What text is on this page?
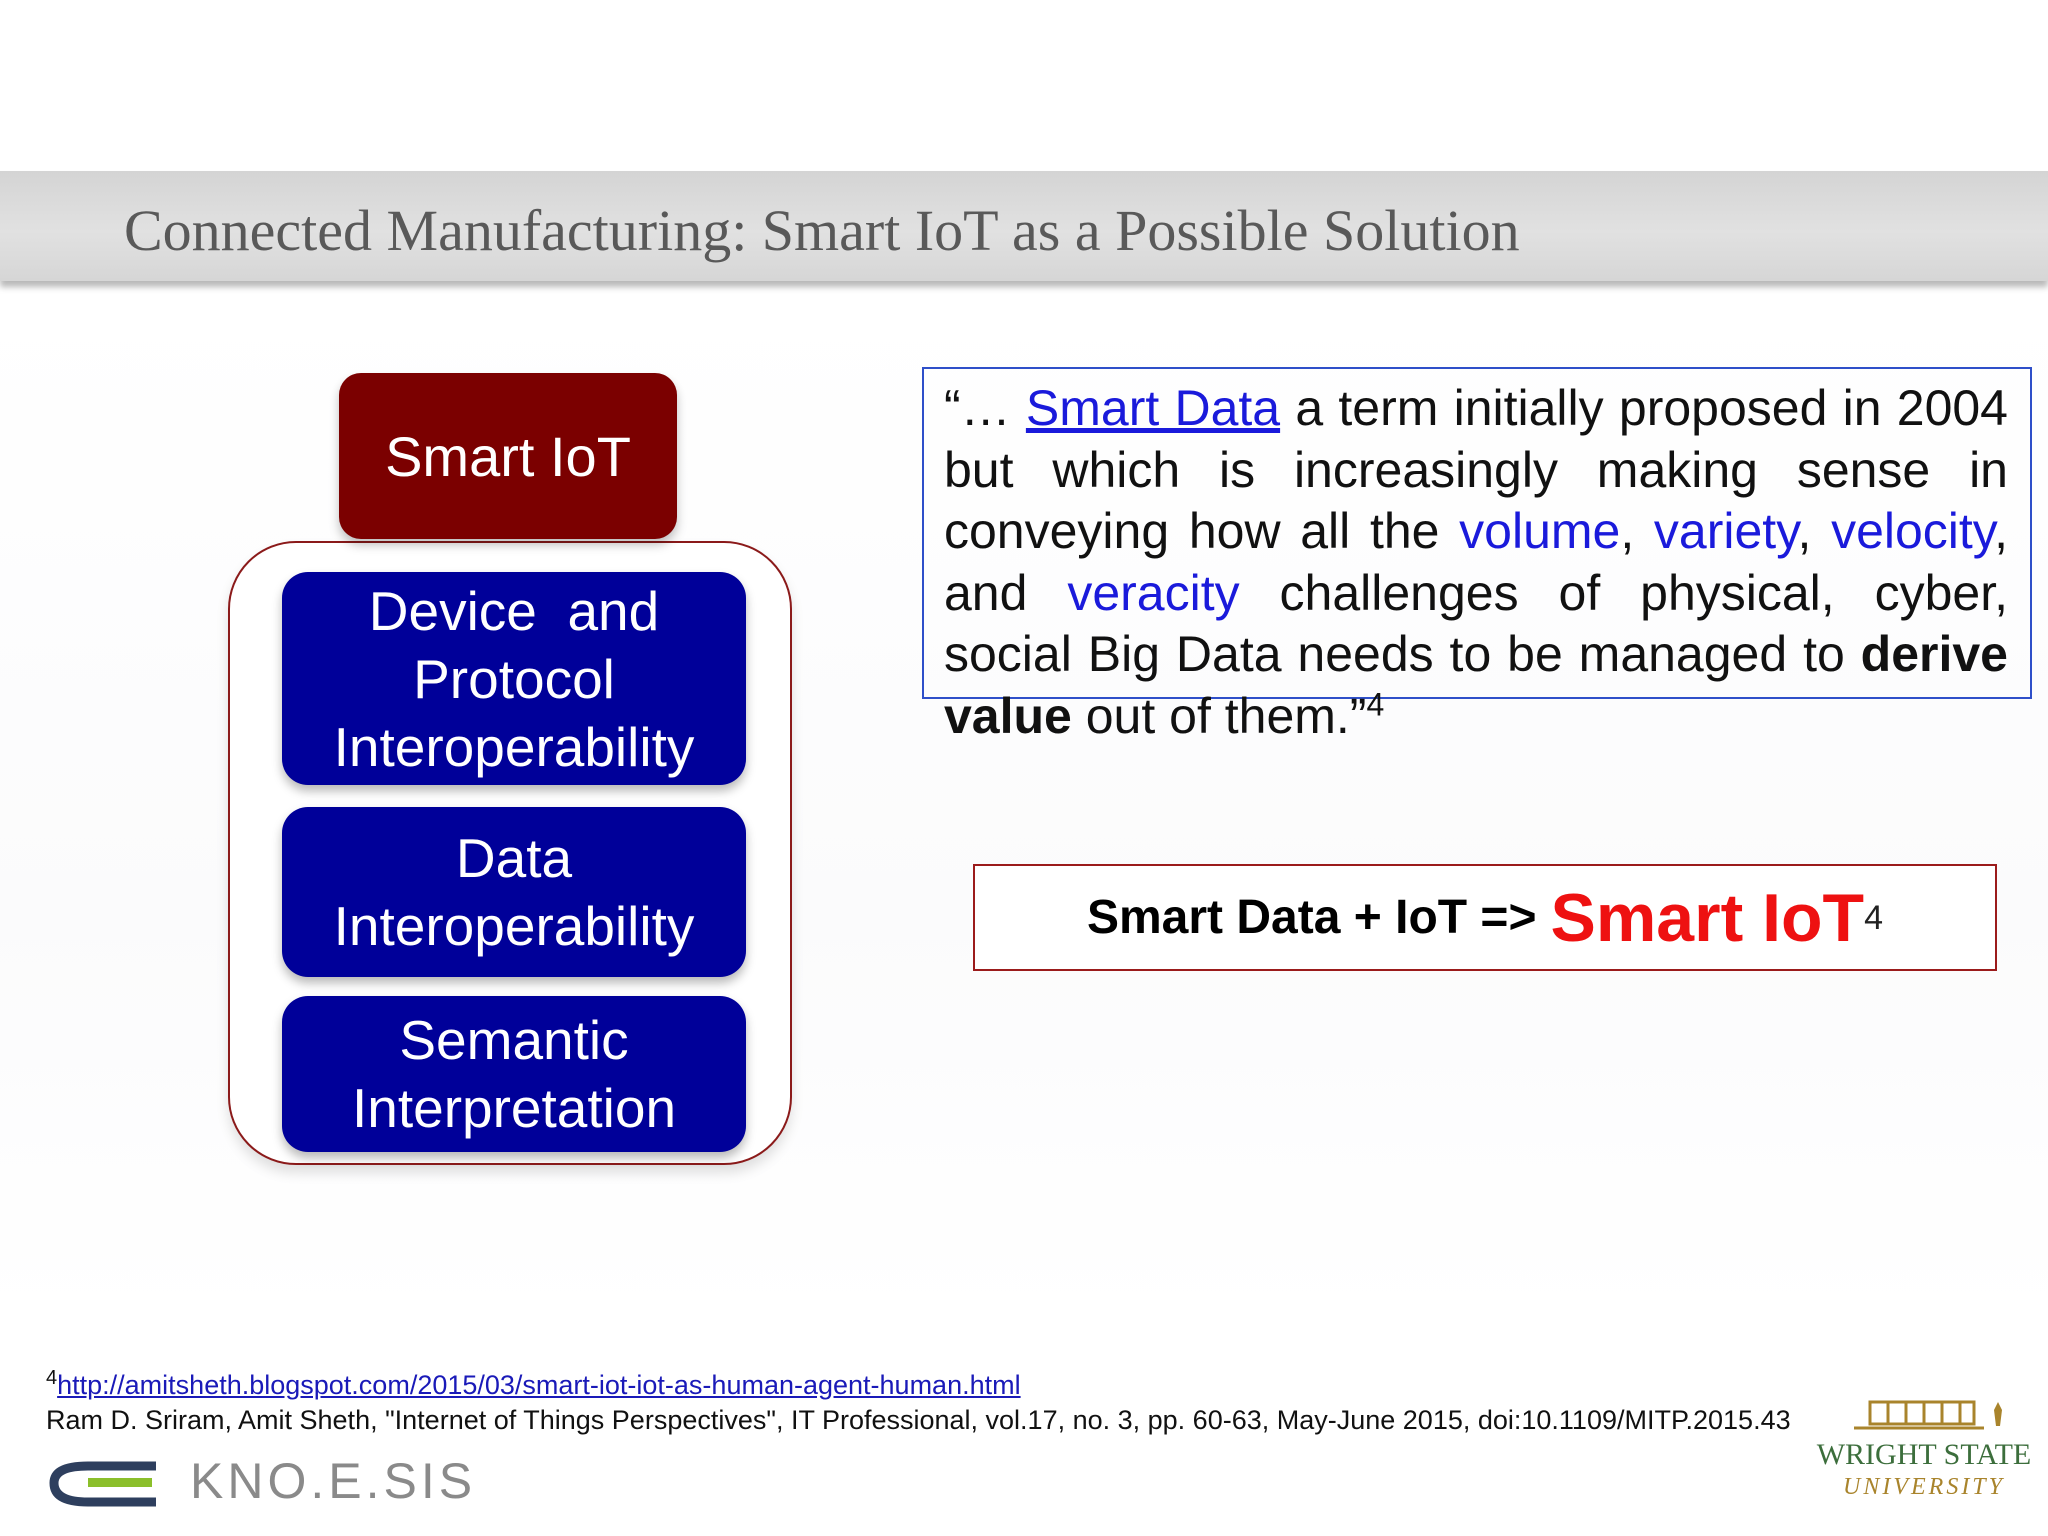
Connected Manufacturing: Smart IoT as a Possible Solution
Smart IoT
Device  and
Protocol
Interoperability
Data
Interoperability
Semantic
Interpretation
“… Smart Data a term initially proposed in 2004 but which is increasingly making sense in conveying how all the volume, variety, velocity, and veracity challenges of physical, cyber, social Big Data needs to be managed to derive value out of them.”$^4$
Smart Data + IoT => Smart IoT 4
$^4$http://amitsheth.blogspot.com/2015/03/smart-iot-iot-as-human-agent-human.html
Ram D. Sriram, Amit Sheth, "Internet of Things Perspectives", IT Professional, vol.17, no. 3, pp. 60-63, May-June 2015, doi:10.1109/MITP.2015.43
KNO.E.SIS	WRIGHT STATE
UNIVERSITY
